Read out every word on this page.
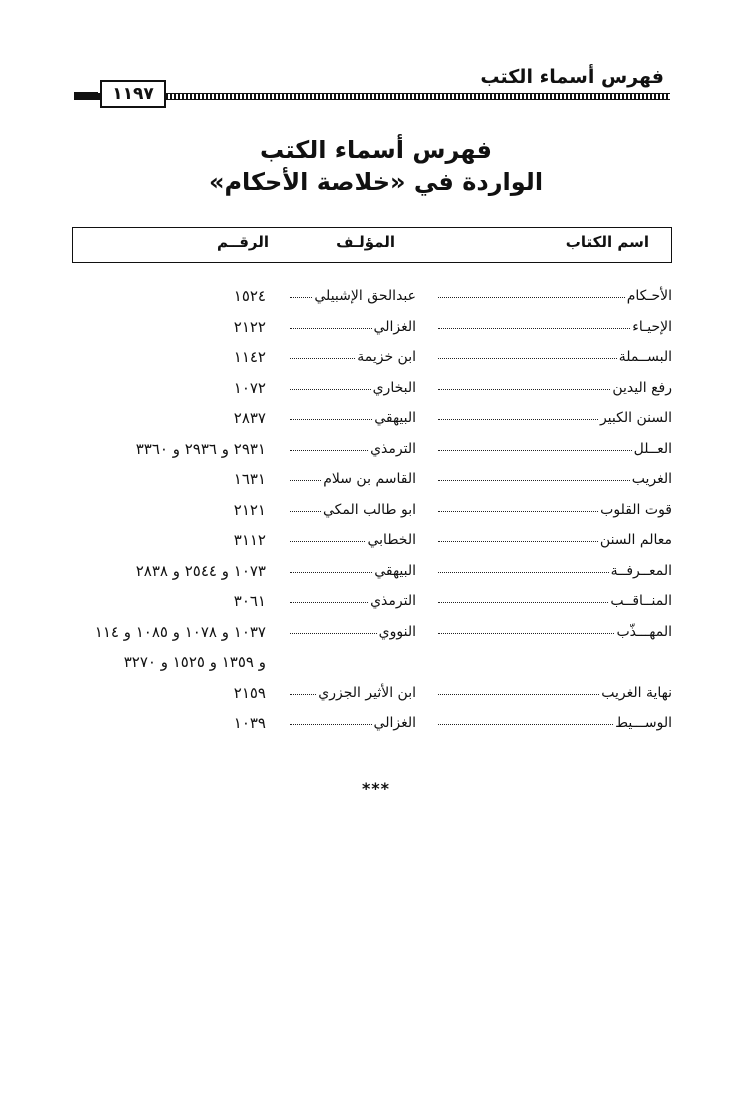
فهرس أسماء الكتب
١١٩٧
فهرس أسماء الكتب
الواردة في «خلاصة الأحكام»
اسم الكتاب
المؤلـف
الرقــم
الأحـكام
عبدالحق الإشبيلي
١٥٢٤
الإحيـاء
الغزالي
٢١٢٢
البســملة
ابن خزيمة
١١٤٢
رفع اليدين
البخاري
١٠٧٢
السنن الكبير
البيهقي
٢٨٣٧
العــلل
الترمذي
٢٩٣١ و ٢٩٣٦ و ٣٣٦٠
الغريب
القاسم بن سلام
١٦٣١
قوت القلوب
ابو طالب المكي
٢١٢١
معالم السنن
الخطابي
٣١١٢
المعــرفــة
البيهقي
١٠٧٣ و ٢٥٤٤ و ٢٨٣٨
المنــاقــب
الترمذي
٣٠٦١
المهـــذّب
النووي
١٠٣٧ و ١٠٧٨ و ١٠٨٥ و ١١٤
و ١٣٥٩ و ١٥٢٥ و ٣٢٧٠
نهاية الغريب
ابن الأثير الجزري
٢١٥٩
الوســـيط
الغزالي
١٠٣٩
***
